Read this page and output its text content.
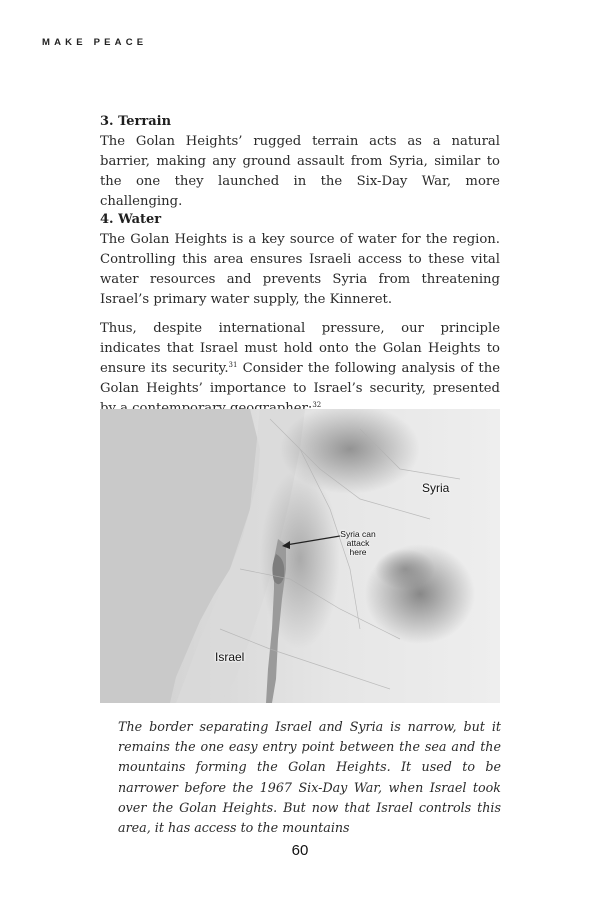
MAKE PEACE
3. Terrain

The Golan Heights’ rugged terrain acts as a natural barrier, making any ground assault from Syria, similar to the one they launched in the Six-Day War, more challenging.

4. Water

The Golan Heights is a key source of water for the region. Controlling this area ensures Israeli access to these vital water resources and prevents Syria from threatening Israel’s primary water supply, the Kinneret.

Thus, despite international pressure, our principle indicates that Israel must hold onto the Golan Heights to ensure its security.$^{31}$ Consider the following analysis of the Golan Heights’ importance to Israel’s security, presented $^{32}$

Syria
Syria can attack here
Israel
The border separating Israel and Syria is narrow, but it remains the one easy entry point between the sea and the mountains forming the Golan Heights. It used to be narrower before the 1967 Six-Day War, when Israel took over the Golan Heights. But now that Israel controls this area, it has access to the mountains
60
